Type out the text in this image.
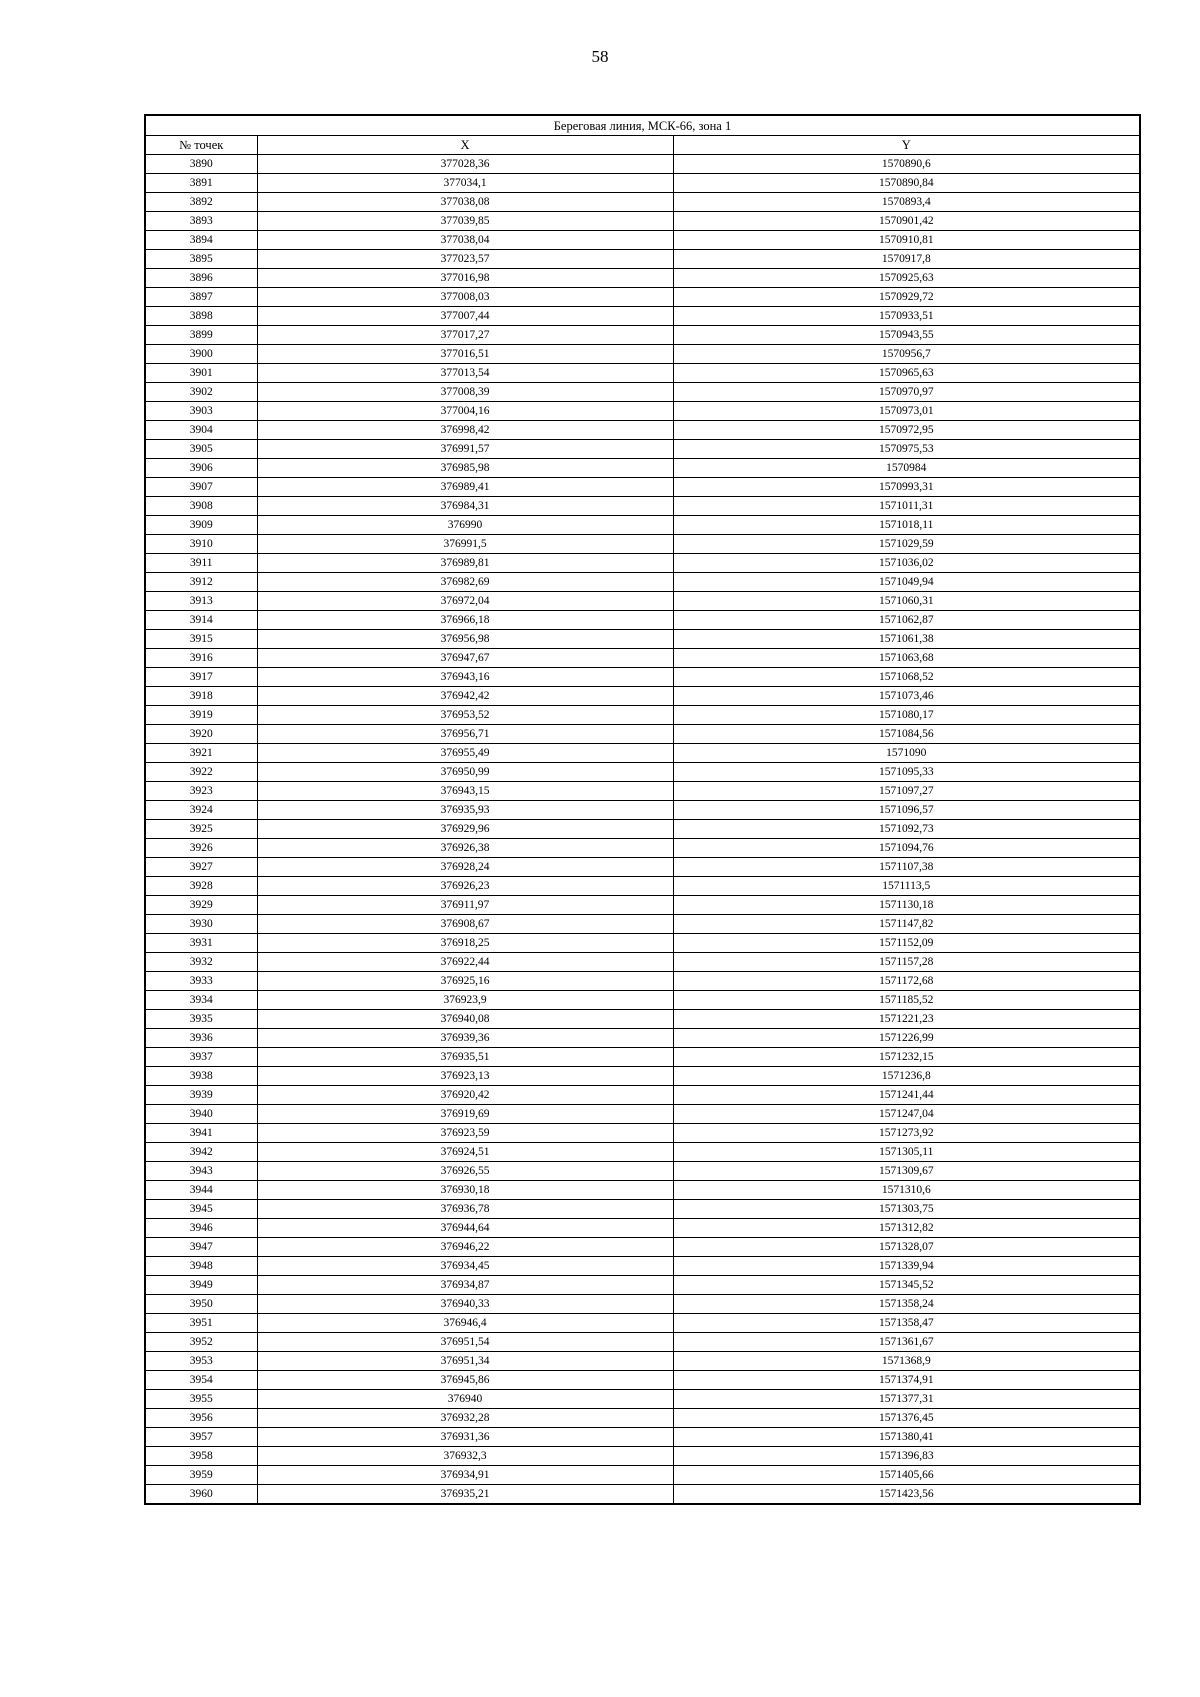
58
Береговая линия, МСК-66, зона 1		
№ точек	X	Y
3890	377028,36	1570890,6
3891	377034,1	1570890,84
3892	377038,08	1570893,4
3893	377039,85	1570901,42
3894	377038,04	1570910,81
3895	377023,57	1570917,8
3896	377016,98	1570925,63
3897	377008,03	1570929,72
3898	377007,44	1570933,51
3899	377017,27	1570943,55
3900	377016,51	1570956,7
3901	377013,54	1570965,63
3902	377008,39	1570970,97
3903	377004,16	1570973,01
3904	376998,42	1570972,95
3905	376991,57	1570975,53
3906	376985,98	1570984
3907	376989,41	1570993,31
3908	376984,31	1571011,31
3909	376990	1571018,11
3910	376991,5	1571029,59
3911	376989,81	1571036,02
3912	376982,69	1571049,94
3913	376972,04	1571060,31
3914	376966,18	1571062,87
3915	376956,98	1571061,38
3916	376947,67	1571063,68
3917	376943,16	1571068,52
3918	376942,42	1571073,46
3919	376953,52	1571080,17
3920	376956,71	1571084,56
3921	376955,49	1571090
3922	376950,99	1571095,33
3923	376943,15	1571097,27
3924	376935,93	1571096,57
3925	376929,96	1571092,73
3926	376926,38	1571094,76
3927	376928,24	1571107,38
3928	376926,23	1571113,5
3929	376911,97	1571130,18
3930	376908,67	1571147,82
3931	376918,25	1571152,09
3932	376922,44	1571157,28
3933	376925,16	1571172,68
3934	376923,9	1571185,52
3935	376940,08	1571221,23
3936	376939,36	1571226,99
3937	376935,51	1571232,15
3938	376923,13	1571236,8
3939	376920,42	1571241,44
3940	376919,69	1571247,04
3941	376923,59	1571273,92
3942	376924,51	1571305,11
3943	376926,55	1571309,67
3944	376930,18	1571310,6
3945	376936,78	1571303,75
3946	376944,64	1571312,82
3947	376946,22	1571328,07
3948	376934,45	1571339,94
3949	376934,87	1571345,52
3950	376940,33	1571358,24
3951	376946,4	1571358,47
3952	376951,54	1571361,67
3953	376951,34	1571368,9
3954	376945,86	1571374,91
3955	376940	1571377,31
3956	376932,28	1571376,45
3957	376931,36	1571380,41
3958	376932,3	1571396,83
3959	376934,91	1571405,66
3960	376935,21	1571423,56
